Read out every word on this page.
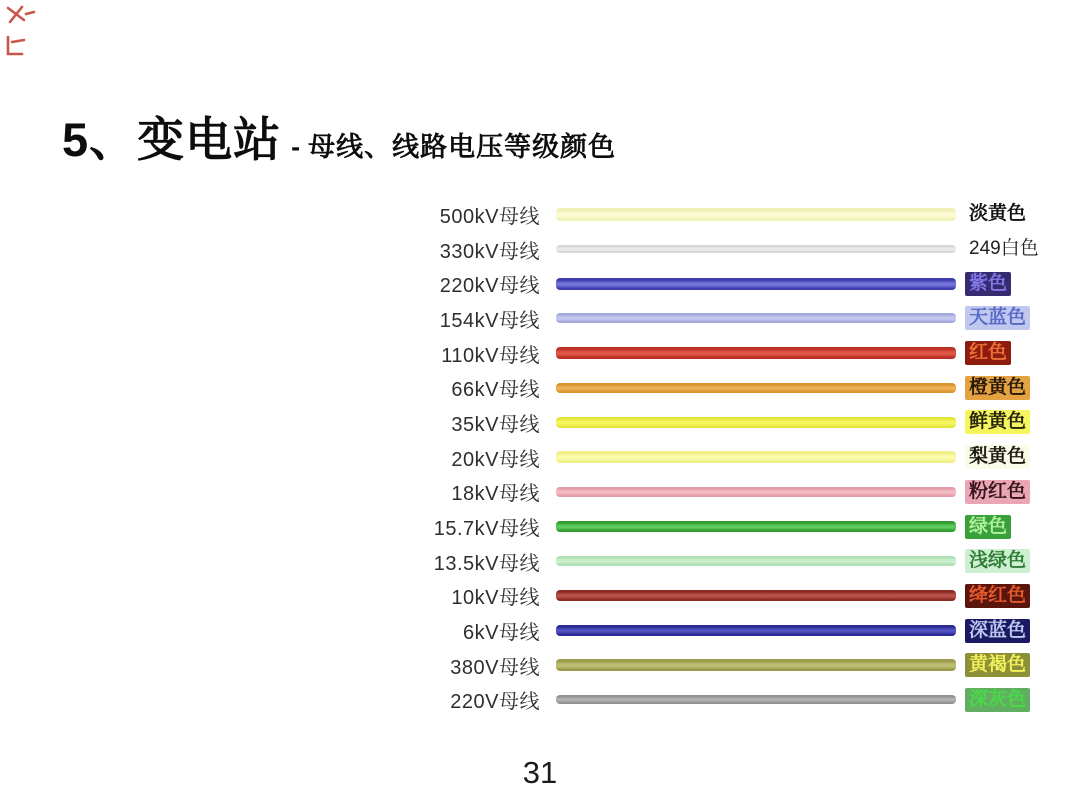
5、 变电站 - 母线、线路电压等级颜色
500kV母线	淡黄色
330kV母线	249白色
220kV母线	紫色
154kV母线	天蓝色
110kV母线	红色
66kV母线	橙黄色
35kV母线	鲜黄色
20kV母线	梨黄色
18kV母线	粉红色
15.7kV母线	绿色
13.5kV母线	浅绿色
10kV母线	绛红色
6kV母线	深蓝色
380V母线	黄褐色
220V母线	深灰色
31
